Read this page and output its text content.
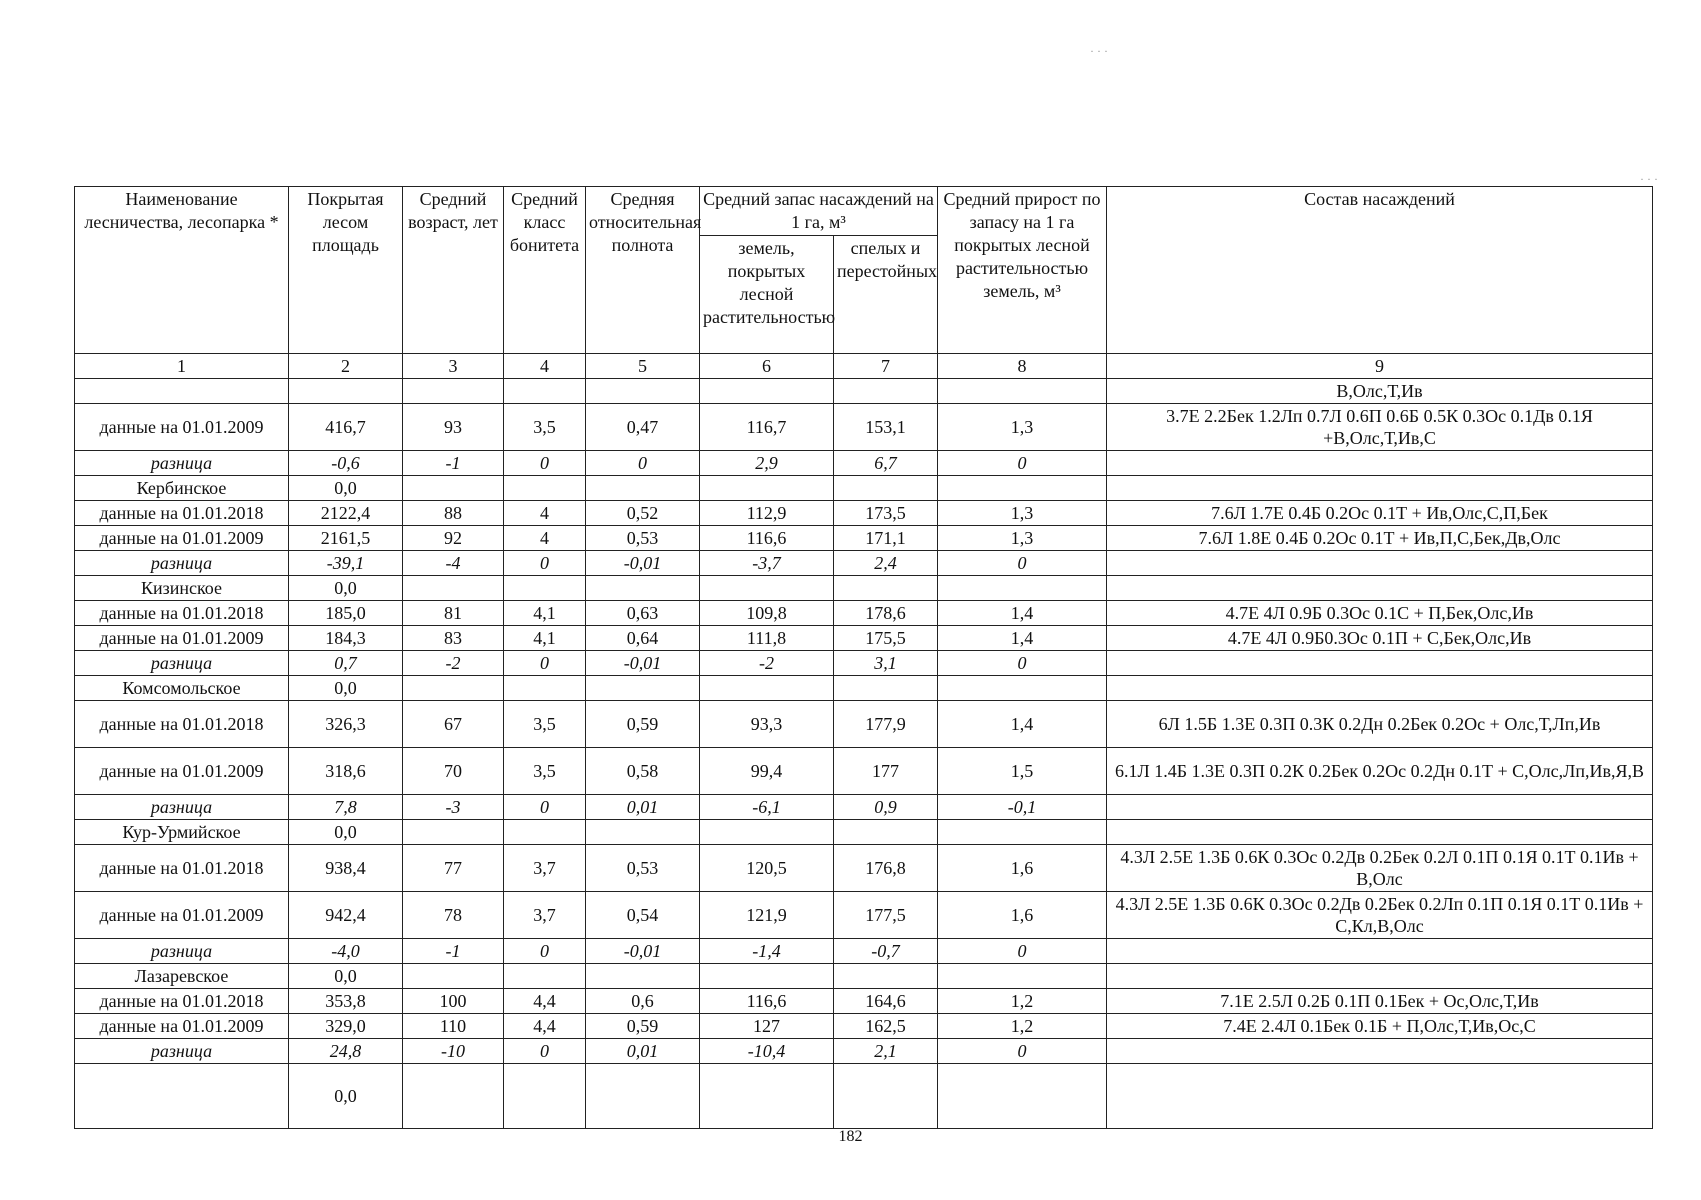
Наименование лесничества, лесопарка *	Покрытая лесом площадь	Средний возраст, лет	Средний класс бонитета	Средняя относительная полнота	Средний запас насаждений на 1 га, м³		Средний прирост по запасу на 1 га покрытых лесной растительностью земель, м³	Состав насаждений
					земель, покрытых лесной растительностью	спелых и перестойных		
1	2	3	4	5	6	7	8	9
								В,Олс,Т,Ив
данные на 01.01.2009	416,7	93	3,5	0,47	116,7	153,1	1,3	3.7Е 2.2Бек 1.2Лп 0.7Л 0.6П 0.6Б 0.5К 0.3Ос 0.1Дв 0.1Я +В,Олс,Т,Ив,С
разница	-0,6	-1	0	0	2,9	6,7	0	
Кербинское	0,0							
данные на 01.01.2018	2122,4	88	4	0,52	112,9	173,5	1,3	7.6Л 1.7Е 0.4Б 0.2Ос 0.1Т + Ив,Олс,С,П,Бек
данные на 01.01.2009	2161,5	92	4	0,53	116,6	171,1	1,3	7.6Л 1.8Е 0.4Б 0.2Ос 0.1Т + Ив,П,С,Бек,Дв,Олс
разница	-39,1	-4	0	-0,01	-3,7	2,4	0	
Кизинское	0,0							
данные на 01.01.2018	185,0	81	4,1	0,63	109,8	178,6	1,4	4.7Е 4Л 0.9Б 0.3Ос 0.1С + П,Бек,Олс,Ив
данные на 01.01.2009	184,3	83	4,1	0,64	111,8	175,5	1,4	4.7Е 4Л 0.9Б0.3Ос 0.1П + С,Бек,Олс,Ив
разница	0,7	-2	0	-0,01	-2	3,1	0	
Комсомольское	0,0							
данные на 01.01.2018	326,3	67	3,5	0,59	93,3	177,9	1,4	6Л 1.5Б 1.3Е 0.3П 0.3К 0.2Дн 0.2Бек 0.2Ос + Олс,Т,Лп,Ив
данные на 01.01.2009	318,6	70	3,5	0,58	99,4	177	1,5	6.1Л 1.4Б 1.3Е 0.3П 0.2К 0.2Бек 0.2Ос 0.2Дн 0.1Т + С,Олс,Лп,Ив,Я,В
разница	7,8	-3	0	0,01	-6,1	0,9	-0,1	
Кур-Урмийское	0,0							
данные на 01.01.2018	938,4	77	3,7	0,53	120,5	176,8	1,6	4.3Л 2.5Е 1.3Б 0.6К 0.3Ос 0.2Дв 0.2Бек 0.2Л 0.1П 0.1Я 0.1Т 0.1Ив + В,Олс
данные на 01.01.2009	942,4	78	3,7	0,54	121,9	177,5	1,6	4.3Л 2.5Е 1.3Б 0.6К 0.3Ос 0.2Дв 0.2Бек 0.2Лп 0.1П 0.1Я 0.1Т 0.1Ив + С,Кл,В,Олс
разница	-4,0	-1	0	-0,01	-1,4	-0,7	0	
Лазаревское	0,0							
данные на 01.01.2018	353,8	100	4,4	0,6	116,6	164,6	1,2	7.1Е 2.5Л 0.2Б 0.1П 0.1Бек + Ос,Олс,Т,Ив
данные на 01.01.2009	329,0	110	4,4	0,59	127	162,5	1,2	7.4Е 2.4Л 0.1Бек 0.1Б + П,Олс,Т,Ив,Ос,С
разница	24,8	-10	0	0,01	-10,4	2,1	0	
	0,0							
182
· · ·
· · ·
